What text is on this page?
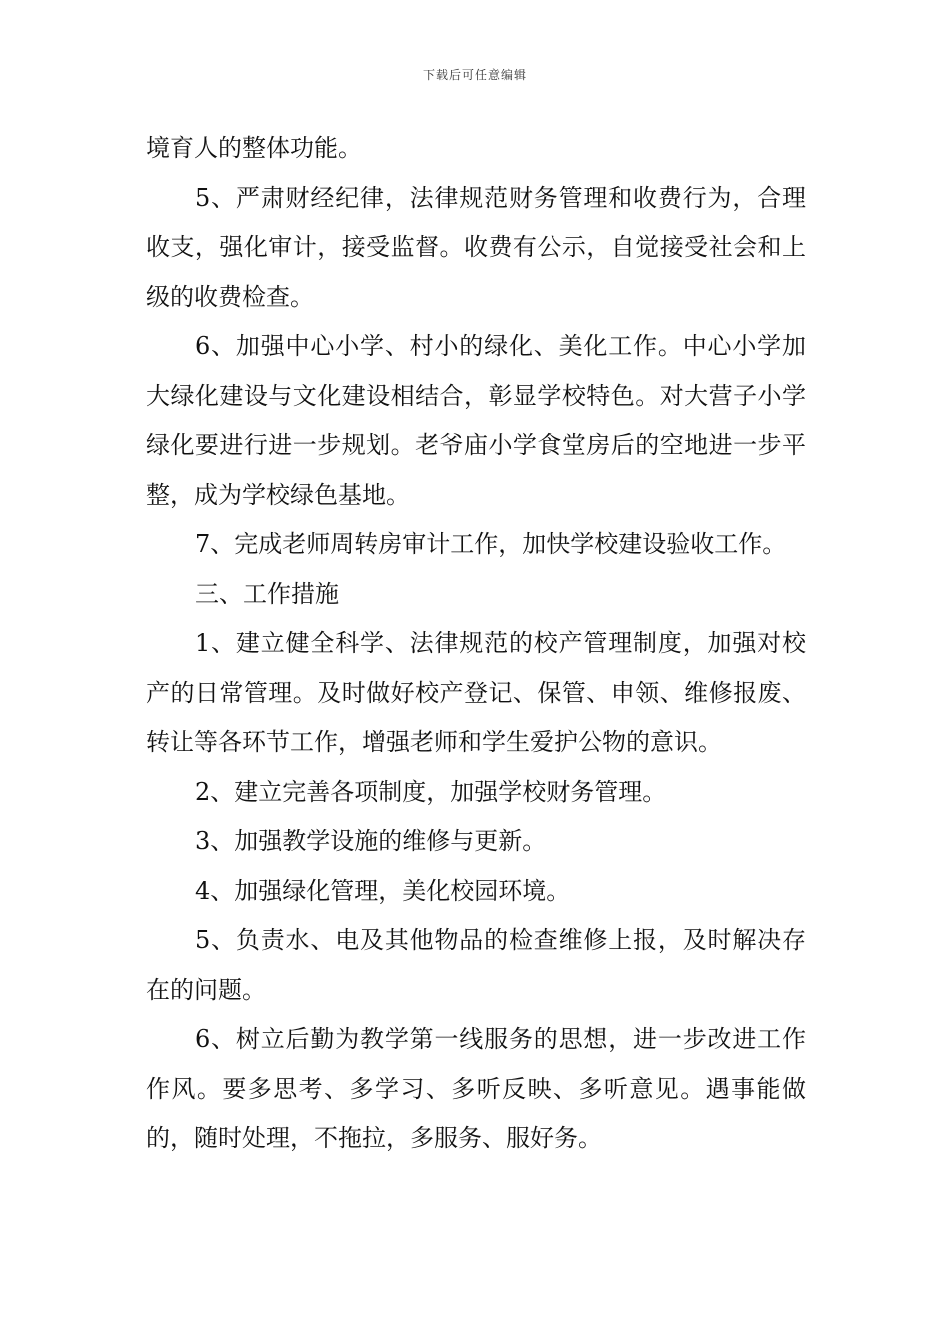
下载后可任意编辑

境育人的整体功能。

5、严肃财经纪律，法律规范财务管理和收费行为，合理收支，强化审计，接受监督。收费有公示，自觉接受社会和上级的收费检查。

6、加强中心小学、村小的绿化、美化工作。中心小学加大绿化建设与文化建设相结合，彰显学校特色。对大营子小学绿化要进行进一步规划。老爷庙小学食堂房后的空地进一步平整，成为学校绿色基地。

7、完成老师周转房审计工作，加快学校建设验收工作。

三、工作措施

1、建立健全科学、法律规范的校产管理制度，加强对校产的日常管理。及时做好校产登记、保管、申领、维修报废、转让等各环节工作，增强老师和学生爱护公物的意识。

2、建立完善各项制度，加强学校财务管理。

3、加强教学设施的维修与更新。

4、加强绿化管理，美化校园环境。

5、负责水、电及其他物品的检查维修上报，及时解决存在的问题。

6、树立后勤为教学第一线服务的思想，进一步改进工作作风。要多思考、多学习、多听反映、多听意见。遇事能做的，随时处理，不拖拉，多服务、服好务。
